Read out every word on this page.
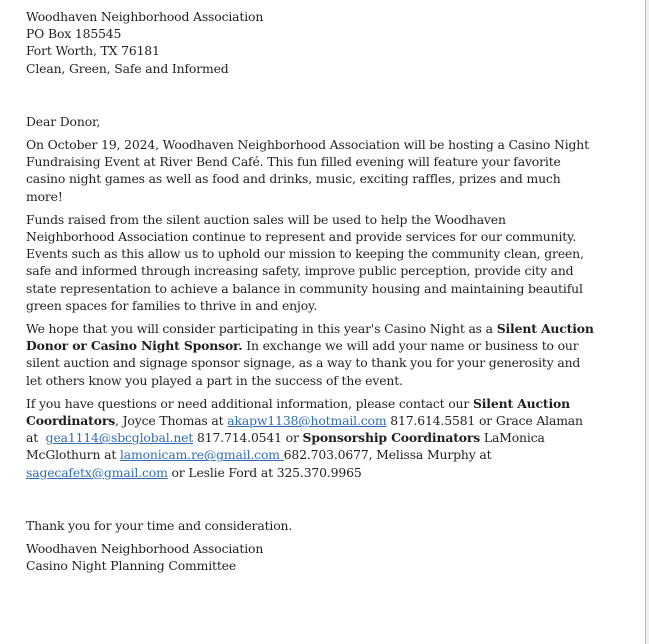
Woodhaven Neighborhood Association
PO Box 185545
Fort Worth, TX 76181
Clean, Green, Safe and Informed
Dear Donor,
On October 19, 2024, Woodhaven Neighborhood Association will be hosting a Casino Night
Fundraising Event at River Bend Café. This fun filled evening will feature your favorite
casino night games as well as food and drinks, music, exciting raffles, prizes and much
more!
Funds raised from the silent auction sales will be used to help the Woodhaven
Neighborhood Association continue to represent and provide services for our community.
Events such as this allow us to uphold our mission to keeping the community clean, green,
safe and informed through increasing safety, improve public perception, provide city and
state representation to achieve a balance in community housing and maintaining beautiful
green spaces for families to thrive in and enjoy.
We hope that you will consider participating in this year's Casino Night as a Silent Auction
Donor or Casino Night Sponsor. In exchange we will add your name or business to our
silent auction and signage sponsor signage, as a way to thank you for your generosity and
let others know you played a part in the success of the event.
If you have questions or need additional information, please contact our Silent Auction
Coordinators, Joyce Thomas at akapw1138@hotmail.com 817.614.5581 or Grace Alaman
at  gea1114@sbcglobal.net 817.714.0541 or Sponsorship Coordinators LaMonica
McGlothurn at lamonicam.re@gmail.com 682.703.0677, Melissa Murphy at
sagecafetx@gmail.com or Leslie Ford at 325.370.9965
Thank you for your time and consideration.
Woodhaven Neighborhood Association
Casino Night Planning Committee
